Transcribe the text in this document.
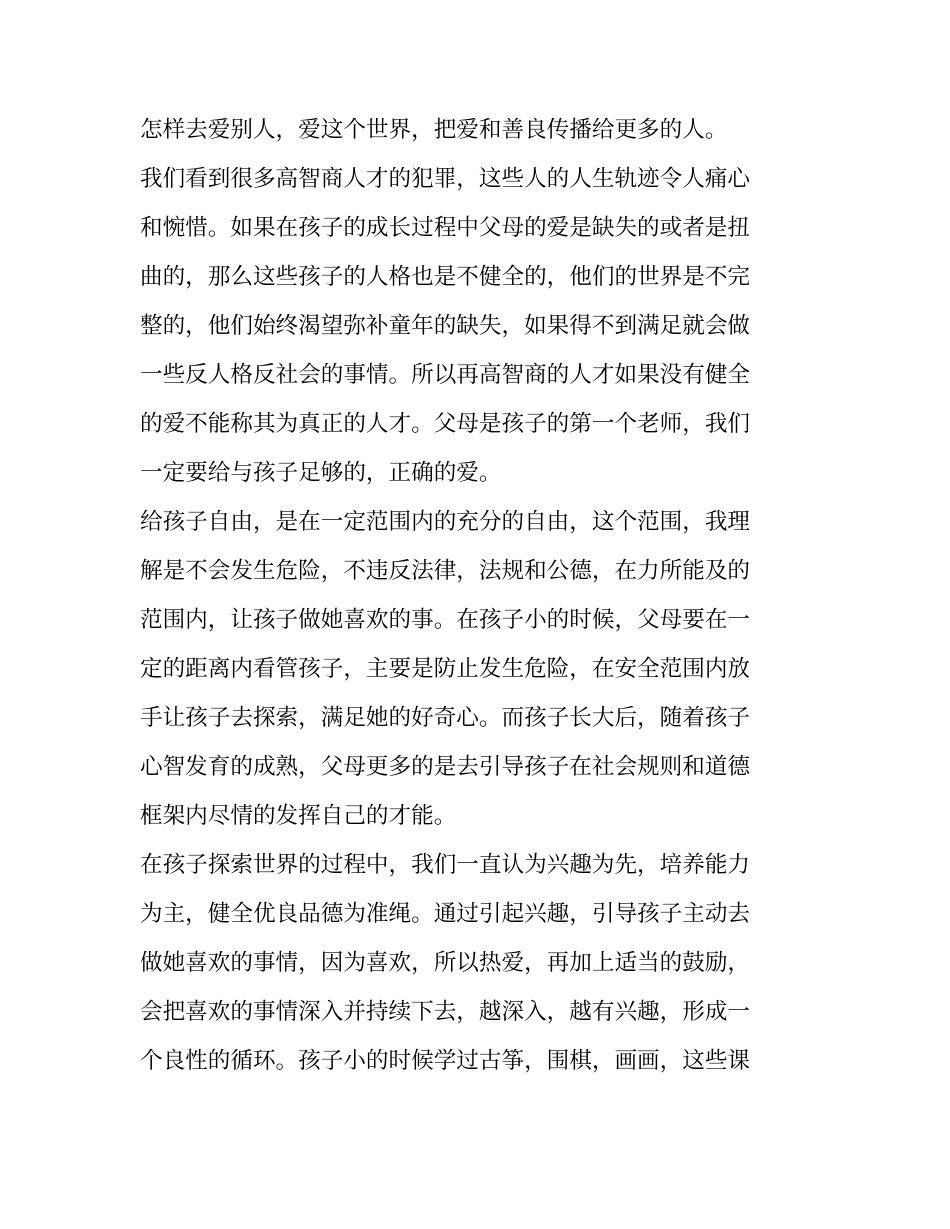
怎样去爱别人，爱这个世界，把爱和善良传播给更多的人。
我们看到很多高智商人才的犯罪，这些人的人生轨迹令人痛心
和惋惜。如果在孩子的成长过程中父母的爱是缺失的或者是扭
曲的，那么这些孩子的人格也是不健全的，他们的世界是不完
整的，他们始终渴望弥补童年的缺失，如果得不到满足就会做
一些反人格反社会的事情。所以再高智商的人才如果没有健全
的爱不能称其为真正的人才。父母是孩子的第一个老师，我们
一定要给与孩子足够的，正确的爱。
给孩子自由，是在一定范围内的充分的自由，这个范围，我理
解是不会发生危险，不违反法律，法规和公德，在力所能及的
范围内，让孩子做她喜欢的事。在孩子小的时候，父母要在一
定的距离内看管孩子，主要是防止发生危险，在安全范围内放
手让孩子去探索，满足她的好奇心。而孩子长大后，随着孩子
心智发育的成熟，父母更多的是去引导孩子在社会规则和道德
框架内尽情的发挥自己的才能。
在孩子探索世界的过程中，我们一直认为兴趣为先，培养能力
为主，健全优良品德为准绳。通过引起兴趣，引导孩子主动去
做她喜欢的事情，因为喜欢，所以热爱，再加上适当的鼓励，
会把喜欢的事情深入并持续下去，越深入，越有兴趣，形成一
个良性的循环。孩子小的时候学过古筝，围棋，画画，这些课
